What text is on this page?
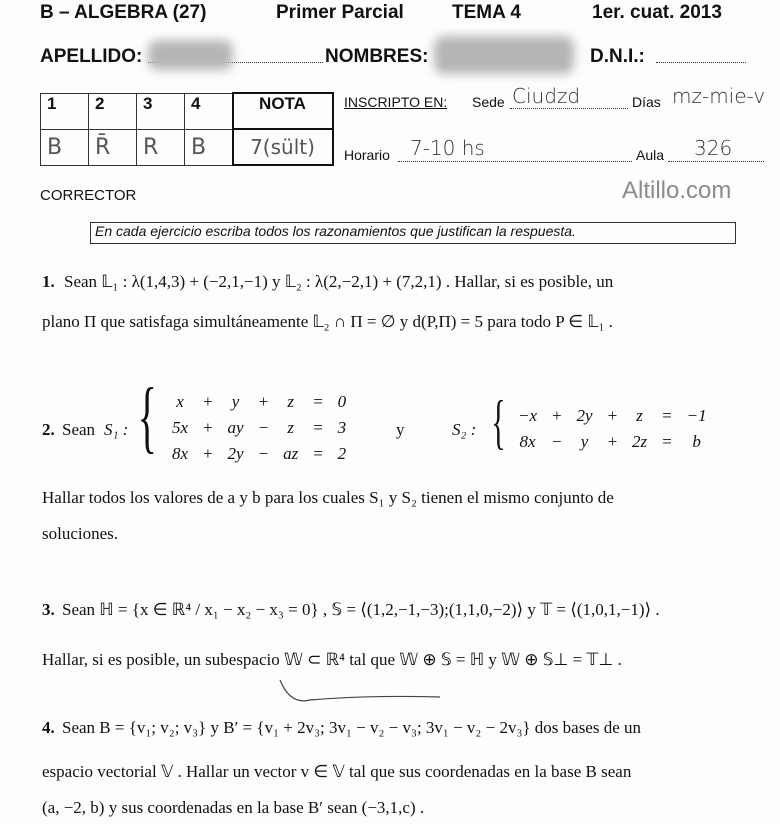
B – ALGEBRA (27)	Primer Parcial	TEMA 4	1er. cuat. 2013
APELLIDO:	NOMBRES:	D.N.I.:
1	2	3	4	NOTA
B	R̄	R	B	7(sült)
INSCRIPTO EN: Sede Ciudzd	Días mz-mie-v
Horario 7-10 hs	Aula 326
CORRECTOR	Altillo.com
En cada ejercicio escriba todos los razonamientos que justifican la respuesta.
1. Sean 𝕃₁ : λ(1,4,3) + (−2,1,−1) y 𝕃₂ : λ(2,−2,1) + (7,2,1) . Hallar, si es posible, un
plano Π que satisfaga simultáneamente 𝕃₂ ∩ Π = ∅ y d(P,Π) = 5 para todo P ∈ 𝕃₁ .
2. Sean S₁ : { x	+	y	+	z	=	0
5x	+	ay	−	z	=	3
8x	+	2y	−	az	=	2
y	S₂ : { −x	+	2y	+	z	=	−1
8x	−	y	+	2z	=	b
Hallar todos los valores de a y b para los cuales S₁ y S₂ tienen el mismo conjunto de
soluciones.
3. Sean ℍ = {x ∈ ℝ⁴ / x₁ − x₂ − x₃ = 0} , 𝕊 = ⟨(1,2,−1,−3);(1,1,0,−2)⟩ y 𝕋 = ⟨(1,0,1,−1)⟩ .
Hallar, si es posible, un subespacio 𝕎 ⊂ ℝ⁴ tal que 𝕎 ⊕ 𝕊 = ℍ y 𝕎 ⊕ 𝕊⊥ = 𝕋⊥ .
4. Sean B = {v₁; v₂; v₃} y B′ = {v₁ + 2v₃; 3v₁ − v₂ − v₃; 3v₁ − v₂ − 2v₃} dos bases de un
espacio vectorial 𝕍 . Hallar un vector v ∈ 𝕍 tal que sus coordenadas en la base B sean
(a, −2, b) y sus coordenadas en la base B′ sean (−3,1,c) .
